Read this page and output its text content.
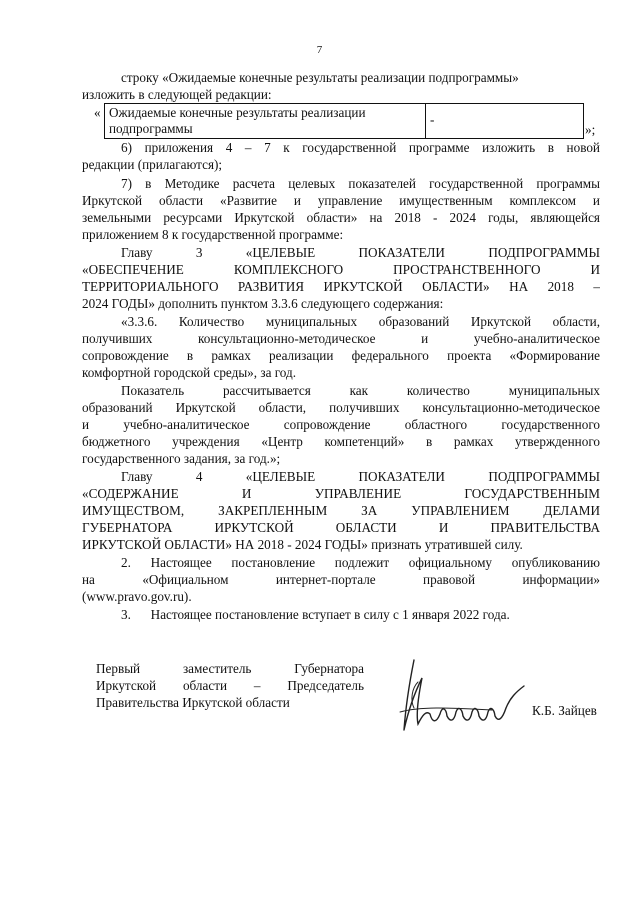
7
строку «Ожидаемые конечные результаты реализации подпрограммы»
изложить в следующей редакции:
« Ожидаемые конечные результаты реализации
подпрограммы
	-
»;
6) приложения 4 – 7 к государственной программе изложить в новой
редакции (прилагаются);
7) в Методике расчета целевых показателей государственной программы
Иркутской области «Развитие и управление имущественным комплексом и
земельными ресурсами Иркутской области» на 2018 - 2024 годы, являющейся
приложением 8 к государственной программе:
Главу 3 «ЦЕЛЕВЫЕ ПОКАЗАТЕЛИ ПОДПРОГРАММЫ
«ОБЕСПЕЧЕНИЕ КОМПЛЕКСНОГО ПРОСТРАНСТВЕННОГО И
ТЕРРИТОРИАЛЬНОГО РАЗВИТИЯ ИРКУТСКОЙ ОБЛАСТИ» НА 2018 –
2024 ГОДЫ» дополнить пунктом 3.3.6 следующего содержания:
«3.3.6. Количество муниципальных образований Иркутской области,
получивших консультационно-методическое и учебно-аналитическое
сопровождение в рамках реализации федерального проекта «Формирование
комфортной городской среды», за год.
Показатель рассчитывается как количество муниципальных
образований Иркутской области, получивших консультационно-методическое
и учебно-аналитическое сопровождение областного государственного
бюджетного учреждения «Центр компетенций» в рамках утвержденного
государственного задания, за год.»;
Главу 4 «ЦЕЛЕВЫЕ ПОКАЗАТЕЛИ ПОДПРОГРАММЫ
«СОДЕРЖАНИЕ И УПРАВЛЕНИЕ ГОСУДАРСТВЕННЫМ
ИМУЩЕСТВОМ, ЗАКРЕПЛЕННЫМ ЗА УПРАВЛЕНИЕМ ДЕЛАМИ
ГУБЕРНАТОРА ИРКУТСКОЙ ОБЛАСТИ И ПРАВИТЕЛЬСТВА
ИРКУТСКОЙ ОБЛАСТИ» НА 2018 - 2024 ГОДЫ» признать утратившей силу.
2. Настоящее постановление подлежит официальному опубликованию
на «Официальном интернет-портале правовой информации»
(www.pravo.gov.ru).
3.      Настоящее постановление вступает в силу с 1 января 2022 года.
Первый заместитель Губернатора
Иркутской области – Председатель
Правительства Иркутской области
К.Б. Зайцев
